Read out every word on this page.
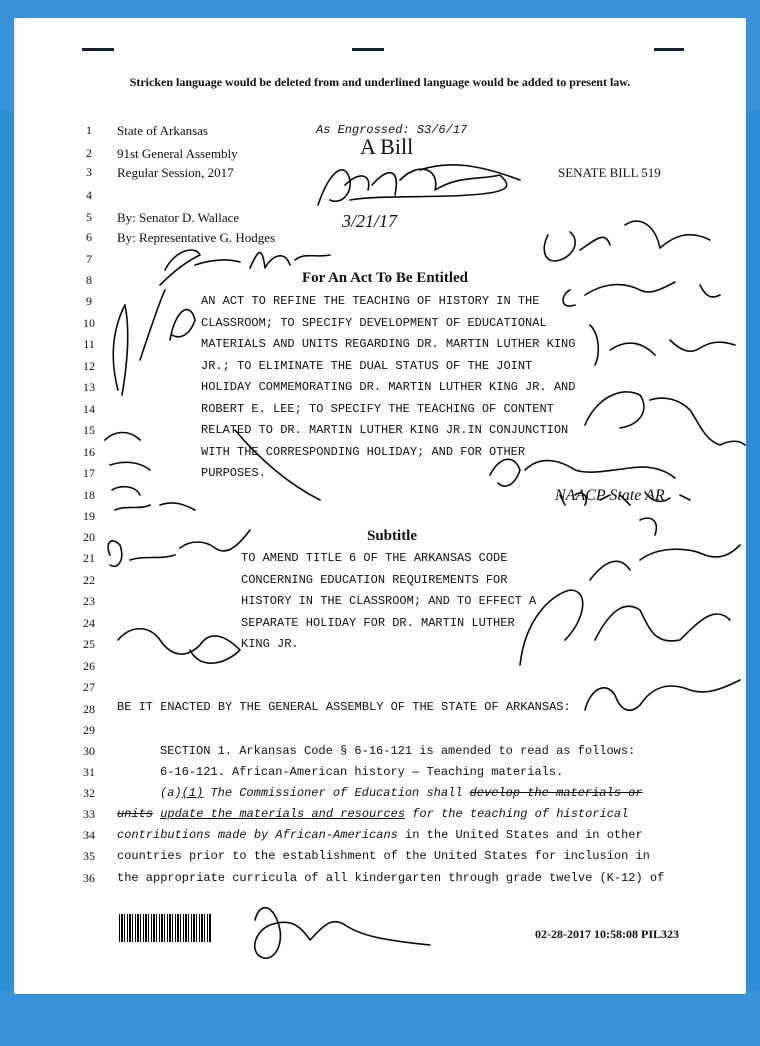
Stricken language would be deleted from and underlined language would be added to present law.
1
2
3
4
5
6
7
8
9
10
11
12
13
14
15
16
17
18
19
20
21
22
23
24
25
26
27
28
29
30
31
32
33
34
35
36
State of Arkansas
91st General Assembly
Regular Session, 2017
As Engrossed: S3/6/17
A Bill
SENATE BILL 519
By: Senator D. Wallace
By: Representative G. Hodges
For An Act To Be Entitled
AN ACT TO REFINE THE TEACHING OF HISTORY IN THE
CLASSROOM; TO SPECIFY DEVELOPMENT OF EDUCATIONAL
MATERIALS AND UNITS REGARDING DR. MARTIN LUTHER KING
JR.; TO ELIMINATE THE DUAL STATUS OF THE JOINT
HOLIDAY COMMEMORATING DR. MARTIN LUTHER KING JR. AND
ROBERT E. LEE; TO SPECIFY THE TEACHING OF CONTENT
RELATED TO DR. MARTIN LUTHER KING JR.IN CONJUNCTION
WITH THE CORRESPONDING HOLIDAY; AND FOR OTHER
PURPOSES.
Subtitle
TO AMEND TITLE 6 OF THE ARKANSAS CODE
CONCERNING EDUCATION REQUIREMENTS FOR
HISTORY IN THE CLASSROOM; AND TO EFFECT A
SEPARATE HOLIDAY FOR DR. MARTIN LUTHER
KING JR.
BE IT ENACTED BY THE GENERAL ASSEMBLY OF THE STATE OF ARKANSAS:
SECTION 1. Arkansas Code § 6-16-121 is amended to read as follows:
6-16-121. African-American history — Teaching materials.
(a)(1) The Commissioner of Education shall develop the materials or
units update the materials and resources for the teaching of historical
contributions made by African-Americans in the United States and in other
countries prior to the establishment of the United States for inclusion in
the appropriate curricula of all kindergarten through grade twelve (K-12) of
02-28-2017 10:58:08 PIL323
3/21/17
NAACP State AR
